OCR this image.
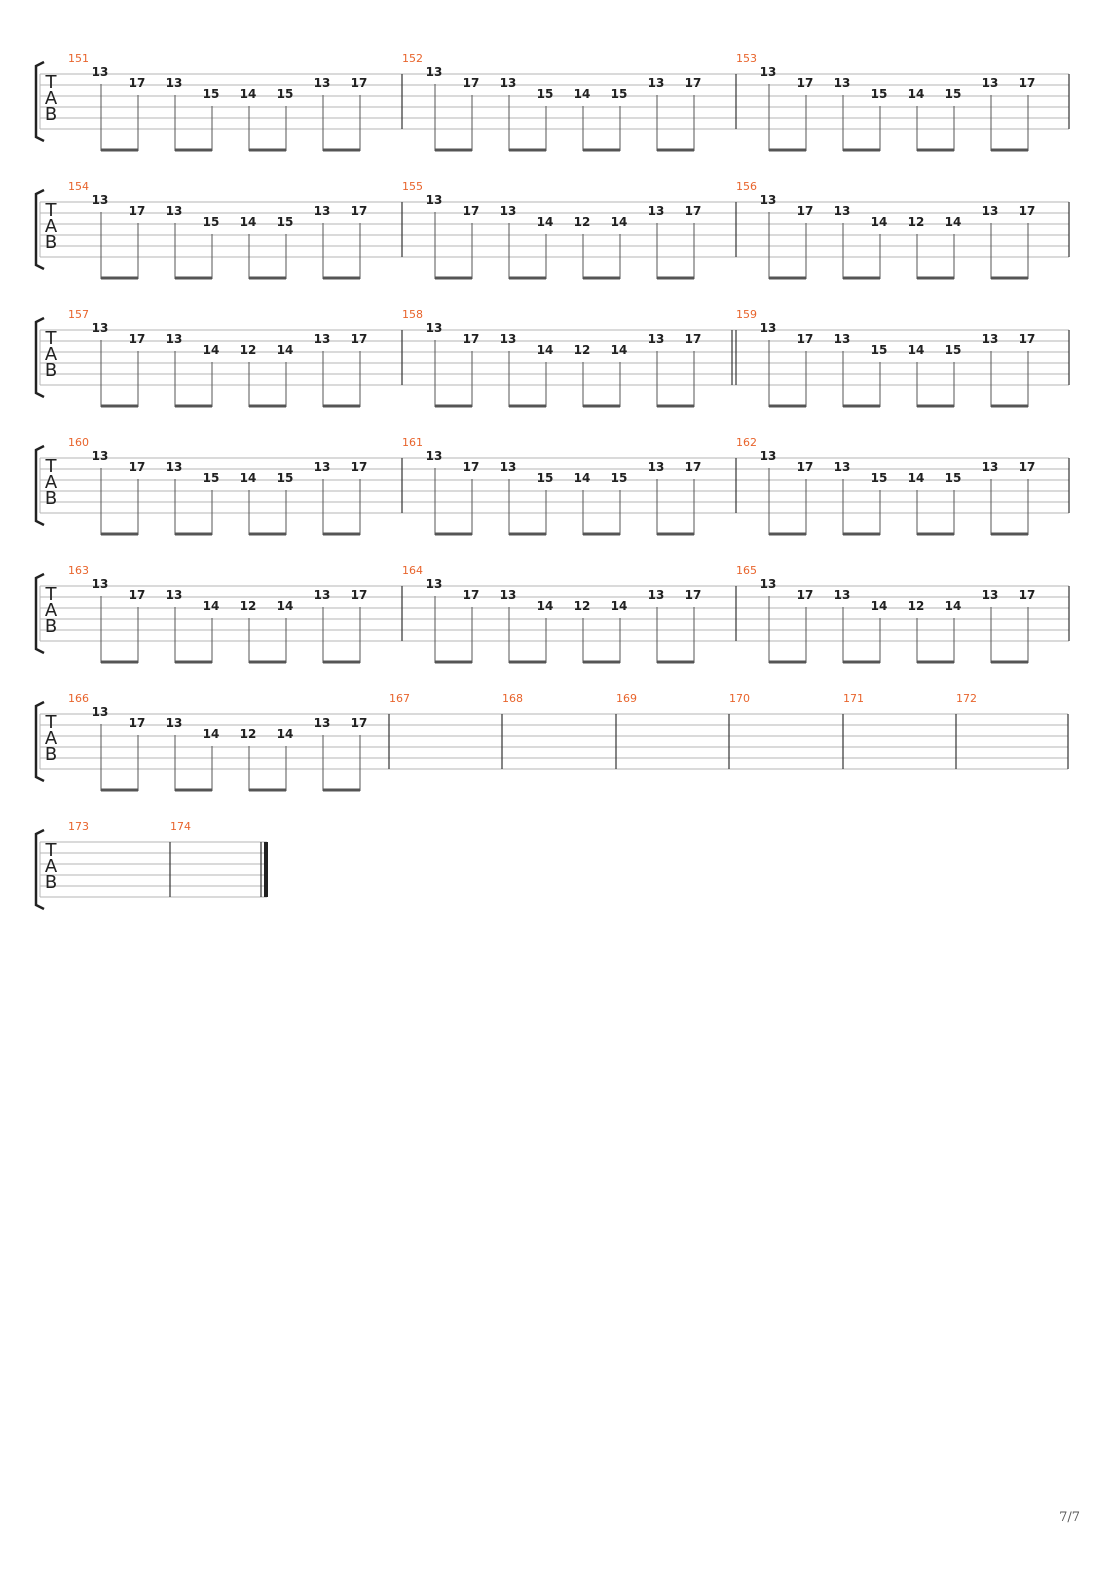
T
A
B
151
13
17 13
15 14 15
13 17
152
13
17 13
15 14 15
13 17
153
13
17 13
15 14 15
13 17
T
A
B
154
13
17 13
15 14 15
13 17
155
13
17 13
14 12 14
13 17
156
13
17 13
14 12 14
13 17
T
A
B
157
13
17 13
14 12 14
13 17
158
13
17 13
14 12 14
13 17
159
13
17 13
15 14 15
13 17
T
A
B
160
13
17 13
15 14 15
13 17
161
13
17 13
15 14 15
13 17
162
13
17 13
15 14 15
13 17
T
A
B
163
13
17 13
14 12 14
13 17
164
13
17 13
14 12 14
13 17
165
13
17 13
14 12 14
13 17
T
A
B
166
13
17 13
14 12 14
13 17
167	168	169	170	171	172
T
A
B
173	174
7/7
